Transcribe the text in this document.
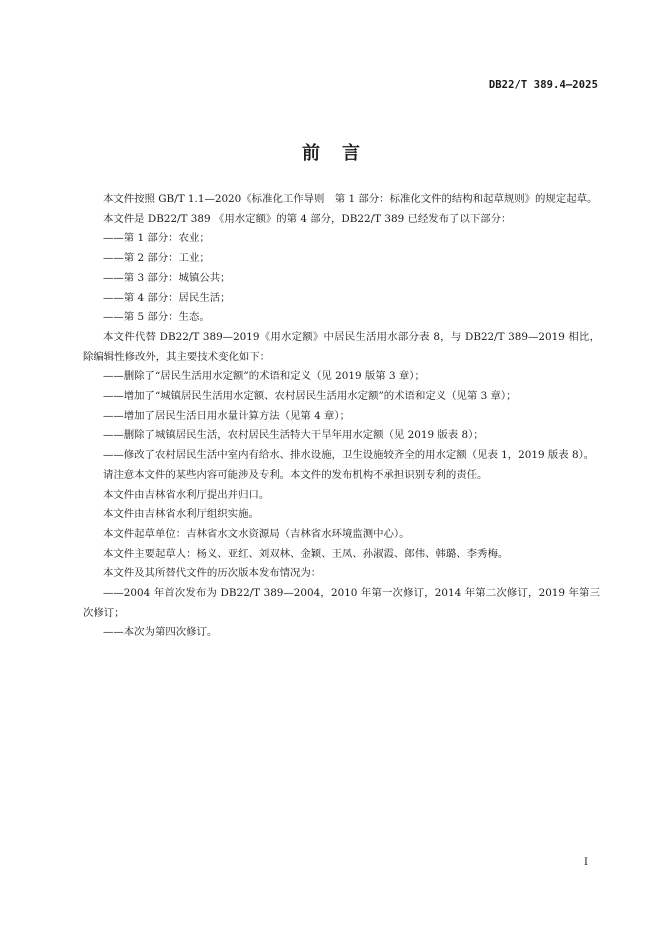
DB22/T 389.4—2025
前言

本文件按照 GB/T 1.1—2020《标准化工作导则　第 1 部分：标准化文件的结构和起草规则》的规定起草。

本文件是 DB22/T 389 《用水定额》的第 4 部分，DB22/T 389 已经发布了以下部分：

——第 1 部分：农业；

——第 2 部分：工业；

——第 3 部分：城镇公共；

——第 4 部分：居民生活；

——第 5 部分：生态。

本文件代替 DB22/T 389—2019《用水定额》中居民生活用水部分表 8，与 DB22/T 389—2019 相比，除编辑性修改外，其主要技术变化如下：

——删除了“居民生活用水定额”的术语和定义（见 2019 版第 3 章）；

——增加了“城镇居民生活用水定额、农村居民生活用水定额”的术语和定义（见第 3 章）；

——增加了居民生活日用水量计算方法（见第 4 章）；

——删除了城镇居民生活，农村居民生活特大干旱年用水定额（见 2019 版表 8）；

——修改了农村居民生活中室内有给水、排水设施，卫生设施较齐全的用水定额（见表 1，2019 版表 8）。

请注意本文件的某些内容可能涉及专利。本文件的发布机构不承担识别专利的责任。

本文件由吉林省水利厅提出并归口。

本文件由吉林省水利厅组织实施。

本文件起草单位：吉林省水文水资源局（吉林省水环境监测中心）。

本文件主要起草人：杨义、亚红、刘双林、金颖、王凤、孙淑霞、郎伟、韩璐、李秀梅。

本文件及其所替代文件的历次版本发布情况为：

——2004 年首次发布为 DB22/T 389—2004，2010 年第一次修订，2014 年第二次修订，2019 年第三次修订；

——本次为第四次修订。

I
